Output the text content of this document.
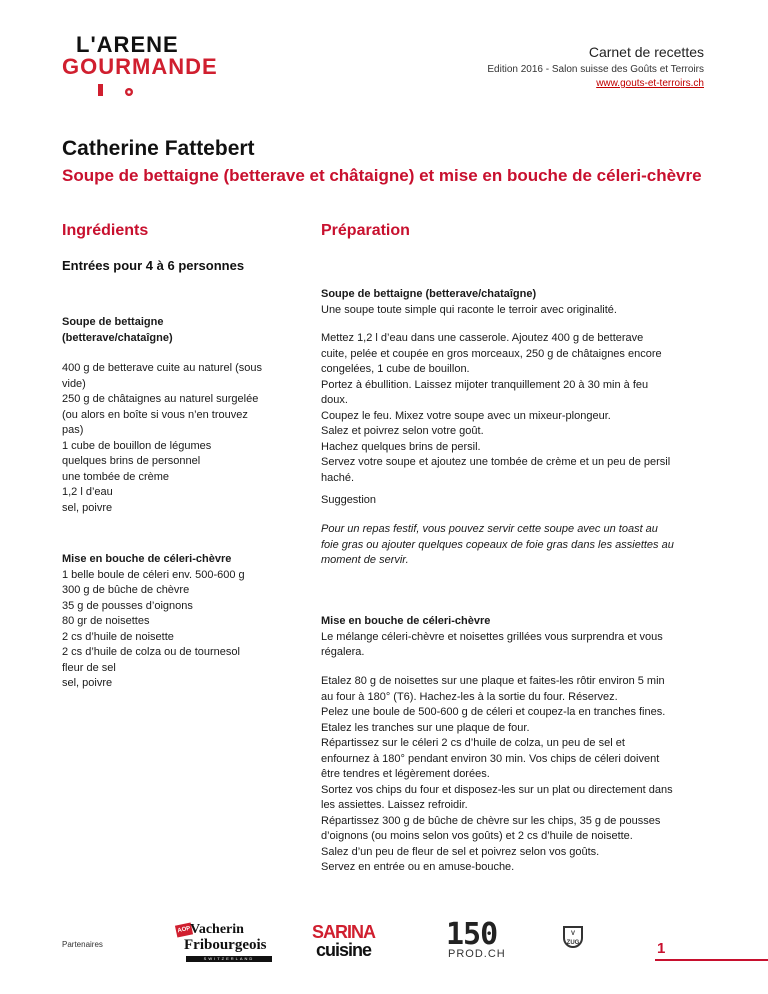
L'ARENE
GOURMANDE
Carnet de recettes
Edition 2016 - Salon suisse des Goûts et Terroirs
www.gouts-et-terroirs.ch
Catherine Fattebert
Soupe de bettaigne (betterave et châtaigne) et mise en bouche de céleri-chèvre
Ingrédients	Préparation
Entrées pour 4 à 6 personnes
Soupe de bettaigne
(betterave/chataîgne)
400 g de betterave cuite au naturel (sous
vide)
250 g de châtaignes au naturel surgelée
(ou alors en boîte si vous n’en trouvez
pas)
1 cube de bouillon de légumes
quelques brins de personnel
une tombée de crème
1,2 l d’eau
sel, poivre
Mise en bouche de céleri-chèvre
1 belle boule de céleri env. 500-600 g
300 g de bûche de chèvre
35 g de pousses d’oignons
80 gr de noisettes
2 cs d’huile de noisette
2 cs d’huile de colza ou de tournesol
fleur de sel
sel, poivre
Soupe de bettaigne (betterave/chataîgne)
Une soupe toute simple qui raconte le terroir avec originalité.
Mettez 1,2 l d’eau dans une casserole. Ajoutez 400 g de betterave
cuite, pelée et coupée en gros morceaux, 250 g de châtaignes encore
congelées, 1 cube de bouillon.
Portez à ébullition. Laissez mijoter tranquillement 20 à 30 min à feu
doux.
Coupez le feu. Mixez votre soupe avec un mixeur-plongeur.
Salez et poivrez selon votre goût.
Hachez quelques brins de persil.
Servez votre soupe et ajoutez une tombée de crème et un peu de persil
haché.
Suggestion
Pour un repas festif, vous pouvez servir cette soupe avec un toast au
foie gras ou ajouter quelques copeaux de foie gras dans les assiettes au
moment de servir.
Mise en bouche de céleri-chèvre
Le mélange céleri-chèvre et noisettes grillées vous surprendra et vous
régalera.
Etalez 80 g de noisettes sur une plaque et faites-les rôtir environ 5 min
au four à 180° (T6). Hachez-les à la sortie du four. Réservez.
Pelez une boule de 500-600 g de céleri et coupez-la en tranches fines.
Etalez les tranches sur une plaque de four.
Répartissez sur le céleri 2 cs d’huile de colza, un peu de sel et
enfournez à 180° pendant environ 30 min. Vos chips de céleri doivent
être tendres et légèrement dorées.
Sortez vos chips du four et disposez-les sur un plat ou directement dans
les assiettes. Laissez refroidir.
Répartissez 300 g de bûche de chèvre sur les chips, 35 g de pousses
d’oignons (ou moins selon vos goûts) et 2 cs d’huile de noisette.
Salez d’un peu de fleur de sel et poivrez selon vos goûts.
Servez en entrée ou en amuse-bouche.
Partenaires
AOP Vacherin
Fribourgeois
SWITZERLAND
SARINA
cuisine 150
PROD.CH
V ZUG	1
